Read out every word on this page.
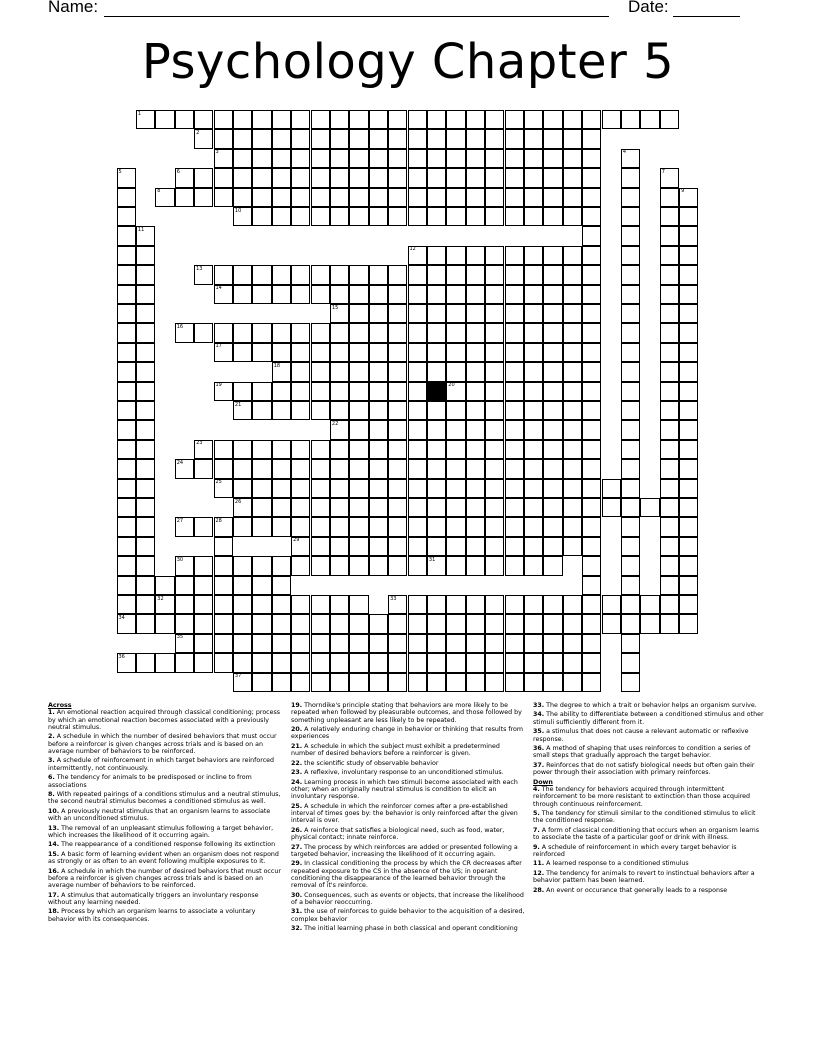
Name:	Date:
Psychology Chapter 5
1
2
3	4
5	6	7
8	9
10
11
12
13
14
15
16
17
18
19	20
21
22
23
24
25
26
27	28
29
30	31
32	33
34
35
36
37
Across
1. An emotional reaction acquired through classical conditioning; process by which an emotional reaction becomes associated with a previously neutral stimulus.
2. A schedule in which the number of desired behaviors that must occur before a reinforcer is given changes across trials and is based on an average number of behaviors to be reinforced.
3. A schedule of reinforcement in which target behaviors are reinforced intermittently, not continuously.
6. The tendency for animals to be predisposed or incline to from associations
8. With repeated pairings of a conditions stimulus and a neutral stimulus, the second neutral stimulus becomes a conditioned stimulus as well.
10. A previously neutral stimulus that an organism learns to associate with an unconditioned stimulus.
13. The removal of an unpleasant stimulus following a target behavior, which increases the likelihood of it occurring again.
14. The reappearance of a conditioned response following its extinction
15. A basic form of learning evident when an organism does not respond as strongly or as often to an event following multiple exposures to it.
16. A schedule in which the number of desired behaviors that must occur before a reinforcer is given changes across trials and is based on an average number of behaviors to be reinforced.
17. A stimulus that automatically triggers an involuntary response without any learning needed.
18. Process by which an organism learns to associate a voluntary behavior with its consequences.
19. Thorndike's principle stating that behaviors are more likely to be repeated when followed by pleasurable outcomes, and those followed by something unpleasant are less likely to be repeated.
20. A relatively enduring change in behavior or thinking that results from experiences
21. A schedule in which the subject must exhibit a predetermined number of desired behaviors before a reinforcer is given.
22. the scientific study of observable behavior
23. A reflexive, involuntary response to an unconditioned stimulus.
24. Learning process in which two stimuli become associated with each other; when an originally neutral stimulus is condition to elicit an involuntary response.
25. A schedule in which the reinforcer comes after a pre-established interval of times goes by: the behavior is only reinforced after the given interval is over.
26. A reinforce that satisfies a biological need, such as food, water, physical contact; innate reinforce.
27. The process by which reinforces are added or presented following a targeted behavior, increasing the likelihood of it occurring again.
29. In classical conditioning the process by which the CR decreases after repeated exposure to the CS in the absence of the US; in operant conditioning the disappearance of the learned behavior through the removal of it's reinforce.
30. Consequences, such as events or objects, that increase the likelihood of a behavior reoccurring.
31. the use of reinforces to guide behavior to the acquisition of a desired, complex behavior
32. The initial learning phase in both classical and operant conditioning
33. The degree to which a trait or behavior helps an organism survive.
34. The ability to differentiate between a conditioned stimulus and other stimuli sufficiently different from it.
35. a stimulus that does not cause a relevant automatic or reflexive response.
36. A method of shaping that uses reinforces to condition a series of small steps that gradually approach the target behavior.
37. Reinforces that do not satisfy biological needs but often gain their power through their association with primary reinforces.
Down
4. The tendency for behaviors acquired through intermittent reinforcement to be more resistant to extinction than those acquired through continuous reinforcement.
5. The tendency for stimuli similar to the conditioned stimulus to elicit the conditioned response.
7. A form of classical conditioning that occurs when an organism learns to associate the taste of a particular goof or drink with illness.
9. A schedule of reinforcement in which every target behavior is reinforced
11. A learned response to a conditioned stimulus
12. The tendency for animals to revert to instinctual behaviors after a behavior pattern has been learned.
28. An event or occurance that generally leads to a response
